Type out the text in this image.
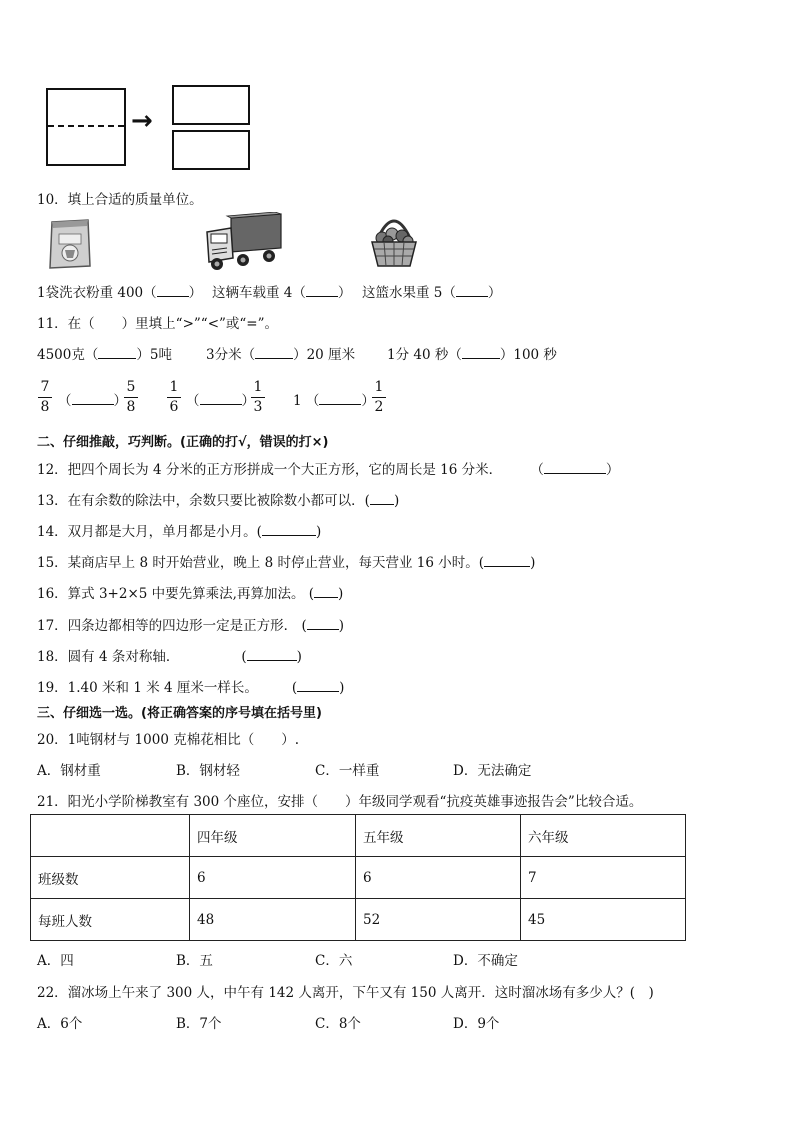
→
10．填上合适的质量单位。
1袋洗衣粉重 400（ ） 这辆车载重 4（ ） 这篮水果重 5（ ）
11．在（　　）里填上“>”“<”或“=”。
4500克（	）5吨	3分米（	）20 厘米 1分 40 秒（	）100 秒
7
8 （	）
5
8
1
6 （	）
1
3 1 （	）
1
2
二、仔细推敲，巧判断。(正确的打√，错误的打×)
12．把四个周长为 4 分米的正方形拼成一个大正方形，它的周长是 16 分米． （	）
13．在有余数的除法中，余数只要比被除数小都可以．( )
14．双月都是大月，单月都是小月。(	)
15．某商店早上 8 时开始营业，晚上 8 时停止营业，每天营业 16 小时。(	)
16．算式 3+2×5 中要先算乘法,再算加法。 ( )
17．四条边都相等的四边形一定是正方形． ( )
18．圆有 4 条对称轴．	(	)
19．1.40 米和 1 米 4 厘米一样长。	(	)
三、仔细选一选。(将正确答案的序号填在括号里)
20．1吨钢材与 1000 克棉花相比（　　）.
A．钢材重	B．钢材轻	C．一样重	D．无法确定
21．阳光小学阶梯教室有 300 个座位，安排（　　）年级同学观看“抗疫英雄事迹报告会”比较合适。
	四年级	五年级	六年级
班级数	6	6	7
每班人数	48	52	45
A．四	B．五	C．六	D．不确定
22．溜冰场上午来了 300 人，中午有 142 人离开，下午又有 150 人离开．这时溜冰场有多少人？(　)
A．6个	B．7个	C．8个	D．9个
